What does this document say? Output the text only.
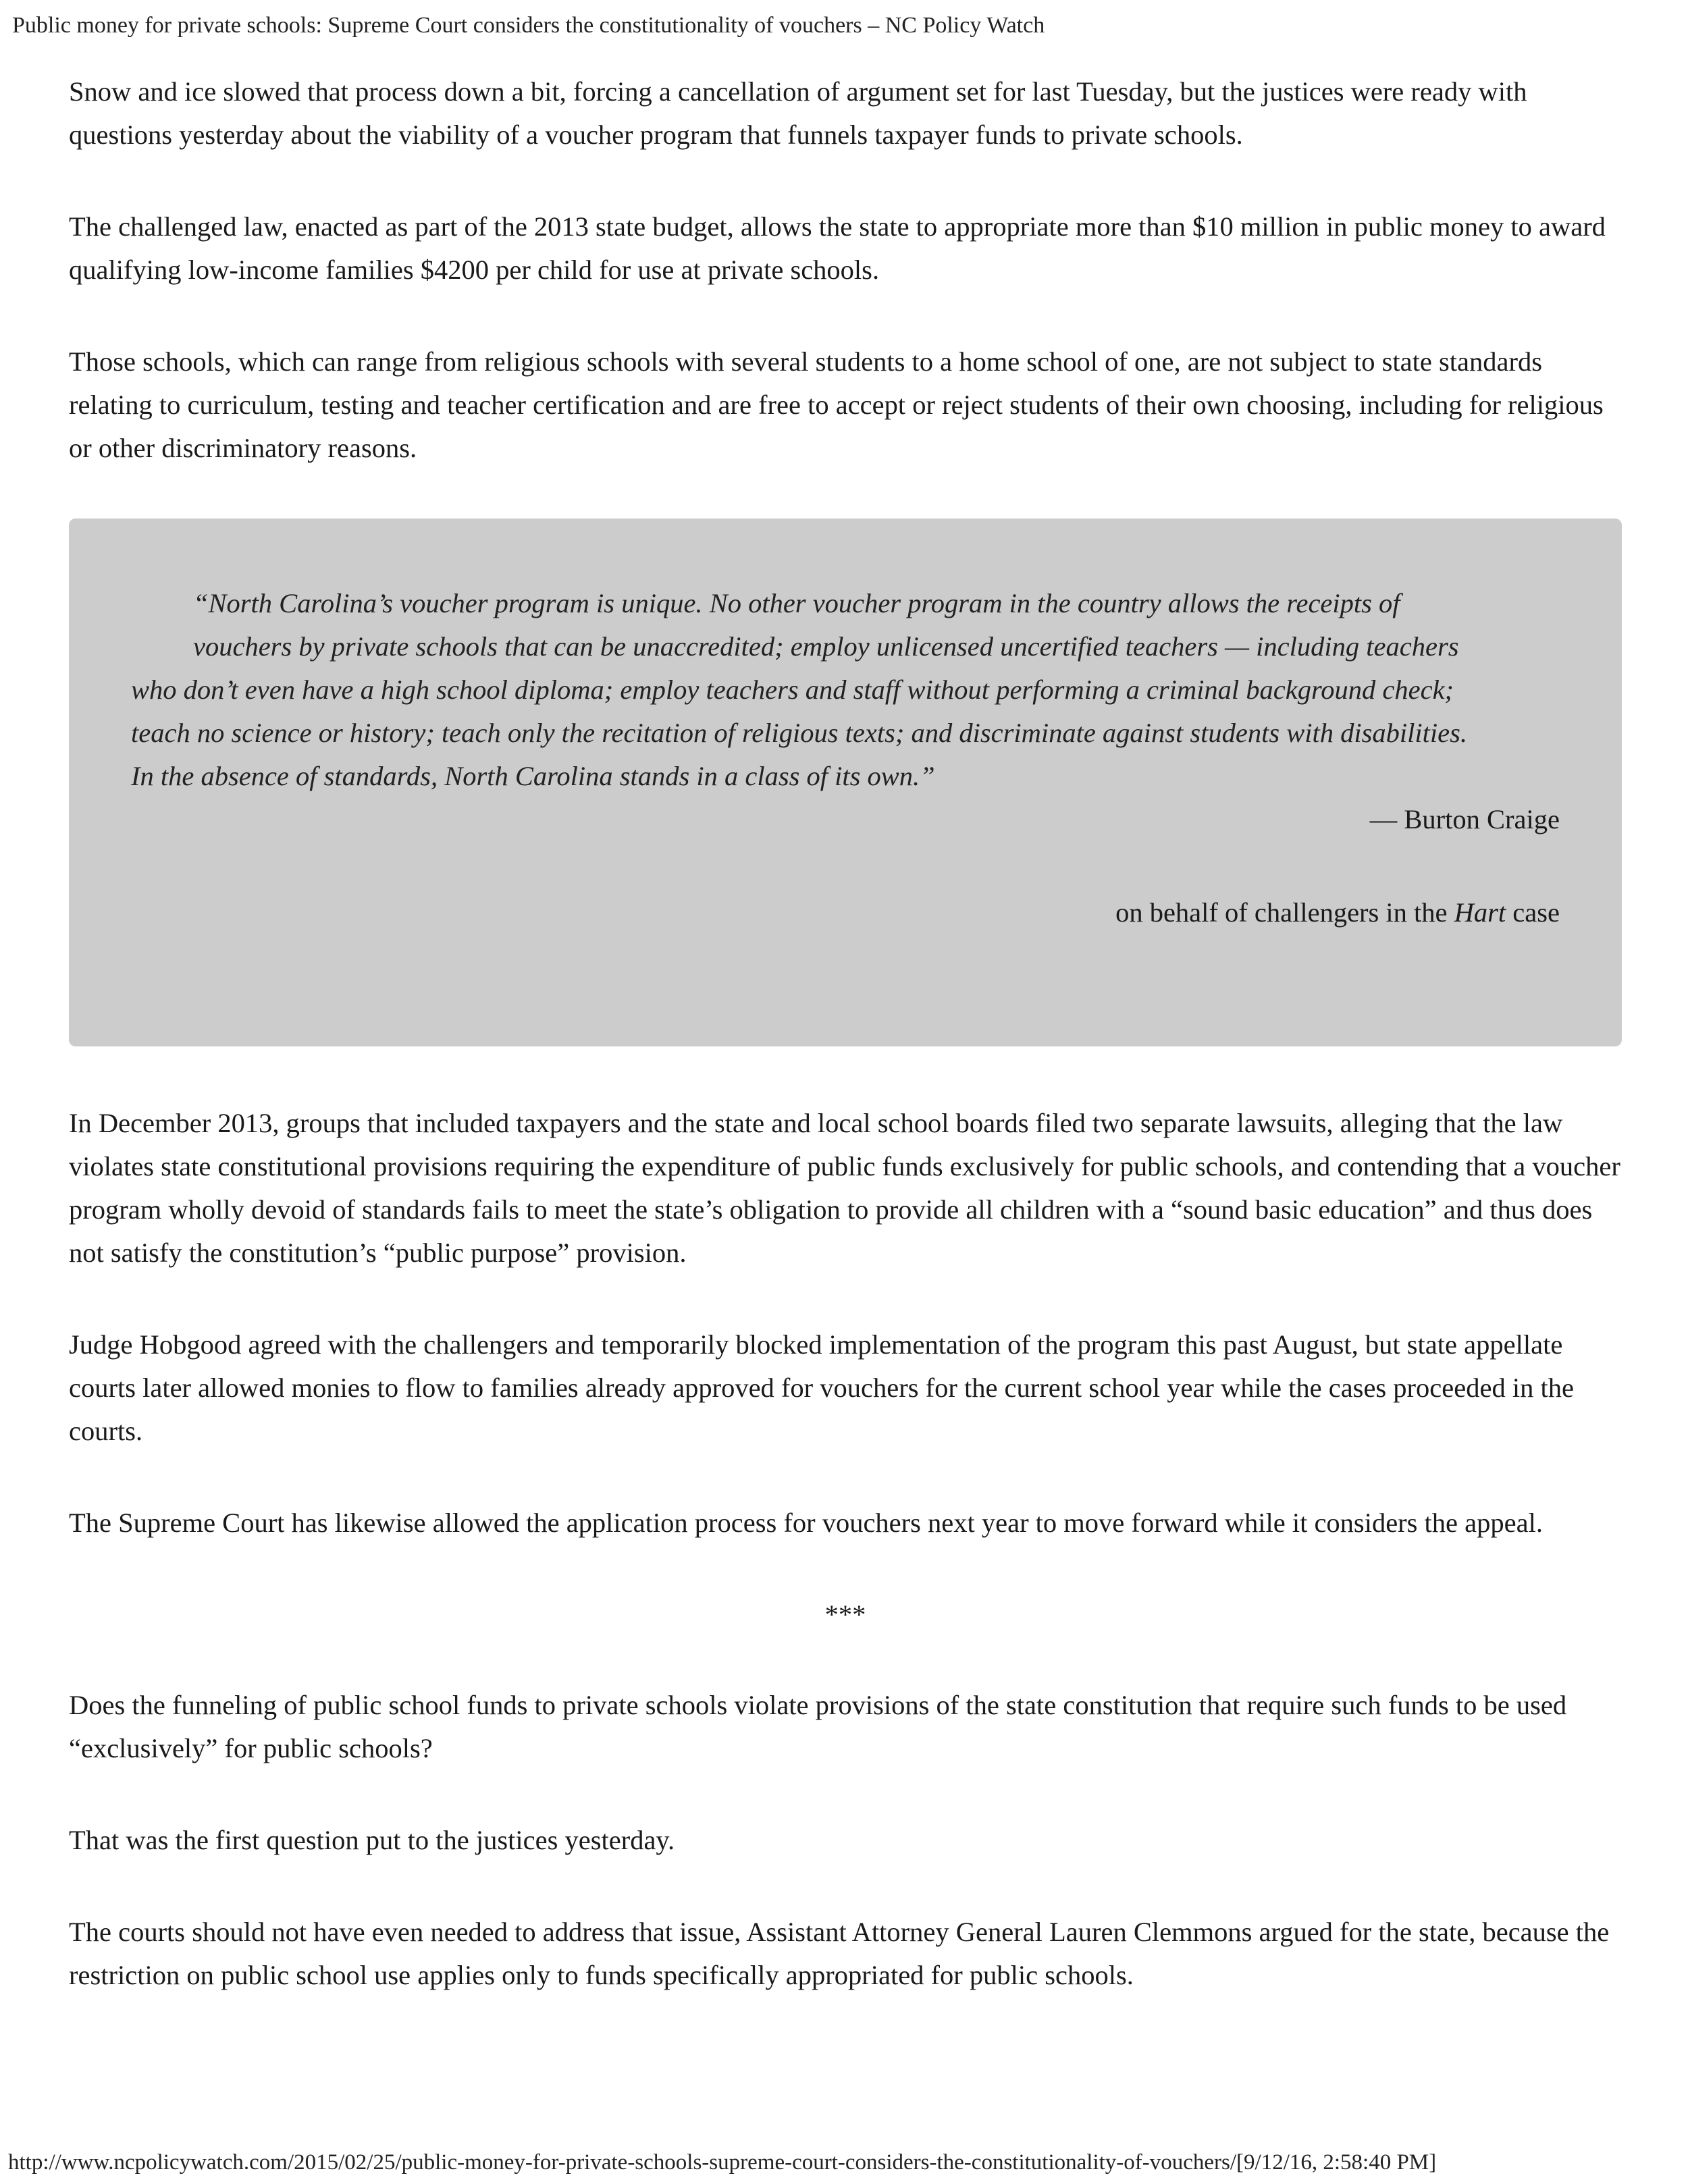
Public money for private schools: Supreme Court considers the constitutionality of vouchers – NC Policy Watch

Snow and ice slowed that process down a bit, forcing a cancellation of argument set for last Tuesday, but the justices were ready with questions yesterday about the viability of a voucher program that funnels taxpayer funds to private schools.

The challenged law, enacted as part of the 2013 state budget, allows the state to appropriate more than $10 million in public money to award qualifying low-income families $4200 per child for use at private schools.

Those schools, which can range from religious schools with several students to a home school of one, are not subject to state standards relating to curriculum, testing and teacher certification and are free to accept or reject students of their own choosing, including for religious or other discriminatory reasons.

“North Carolina’s voucher program is unique. No other voucher program in the country allows the receipts of
vouchers by private schools that can be unaccredited; employ unlicensed uncertified teachers — including teachers
who don’t even have a high school diploma; employ teachers and staff without performing a criminal background check;
teach no science or history; teach only the recitation of religious texts; and discriminate against students with disabilities.
In the absence of standards, North Carolina stands in a class of its own.”

— Burton Craige
on behalf of challengers in the Hart case

In December 2013, groups that included taxpayers and the state and local school boards filed two separate lawsuits, alleging that the law violates state constitutional provisions requiring the expenditure of public funds exclusively for public schools, and contending that a voucher program wholly devoid of standards fails to meet the state’s obligation to provide all children with a “sound basic education” and thus does not satisfy the constitution’s “public purpose” provision.

Judge Hobgood agreed with the challengers and temporarily blocked implementation of the program this past August, but state appellate courts later allowed monies to flow to families already approved for vouchers for the current school year while the cases proceeded in the courts.

The Supreme Court has likewise allowed the application process for vouchers next year to move forward while it considers the appeal.

***

Does the funneling of public school funds to private schools violate provisions of the state constitution that require such funds to be used “exclusively” for public schools?

That was the first question put to the justices yesterday.

The courts should not have even needed to address that issue, Assistant Attorney General Lauren Clemmons argued for the state, because the restriction on public school use applies only to funds specifically appropriated for public schools.

http://www.ncpolicywatch.com/2015/02/25/public-money-for-private-schools-supreme-court-considers-the-constitutionality-of-vouchers/[9/12/16, 2:58:40 PM]
